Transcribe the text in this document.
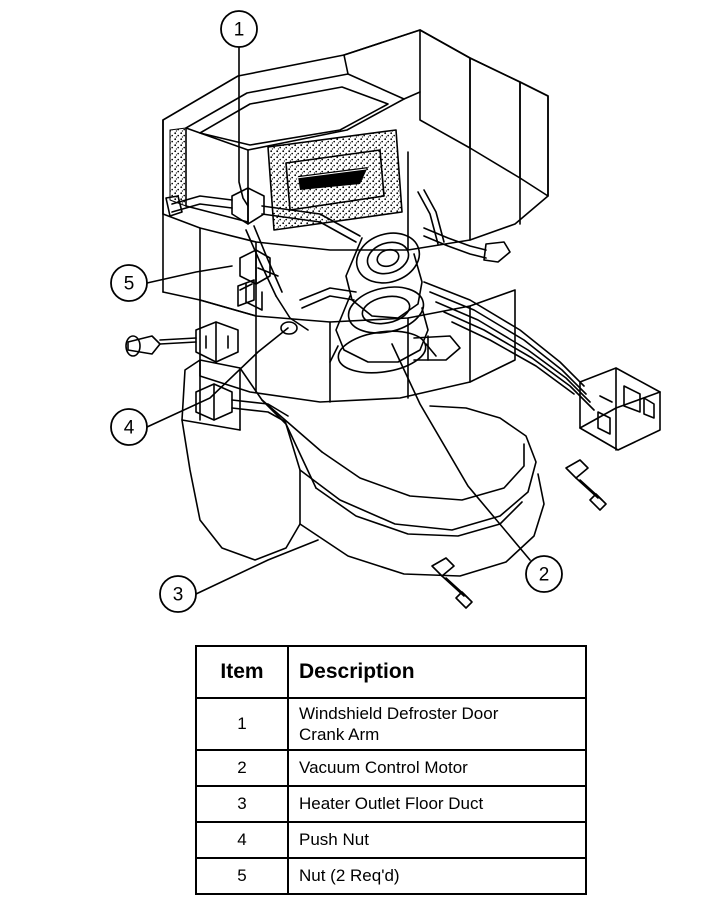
1
5
4
3
2
Item	Description
1	Windshield Defroster Door
Crank Arm

2	Vacuum Control Motor
3	Heater Outlet Floor Duct
4	Push Nut
5	Nut (2 Req'd)
